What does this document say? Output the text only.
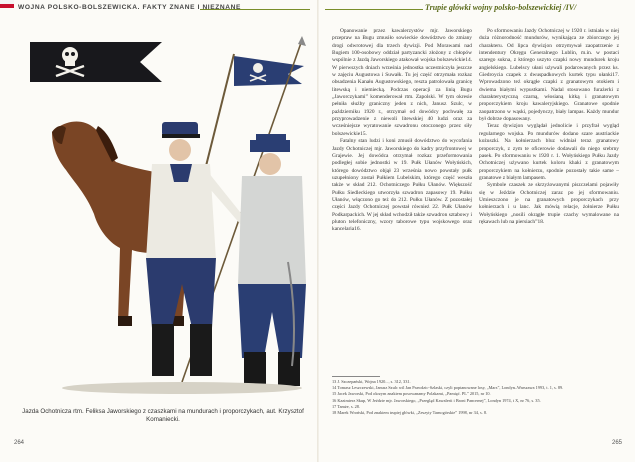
WOJNA POLSKO-BOLSZEWICKA. FAKTY ZNANE I NIEZNANE	Trupie główki wojny polsko-bolszewickiej /IV/
Jazda Ochotnicza rtm. Feliksa Jaworskiego z czaszkami na mundurach i proporczykach, aut. Krzysztof Komaniecki.
264	265

Opanowanie przez kawalerzystów mjr. Jaworskiego przepraw na Bugu zmusiło sowieckie dowództwo do zmiany drogi odwrotowej dla trzech dywizji. Pod Morawami nad Bugiem 100-osobowy oddział partyzancki złożony z chłopów wspólnie z Jazdą Jaworskiego atakował wojska bolszewickie14. W pierwszych dniach września jednostka uczestniczyła jeszcze w zajęciu Augustowa i Suwałk. Tu jej część otrzymała rozkaz obsadzenia Kanału Augustowskiego, reszta patrolowała granicę litewską i niemiecką. Podczas operacji za linią Bugu „Jaworczykami” komenderował rtm. Zapolski. W tym okresie pełniła służby graniczny jeden z nich, Janusz Szulc, w październiku 1920 r., otrzymał od dowódcy pochwałę za przyprowadzenie z niewoli litewskiej 40 ludzi oraz za wcześniejsze wyratowanie szwadronu otoczonego przez siły bolszewickie15.

Fatalny stan ludzi i koni zmusił dowództwo do wycofania Jazdy Ochotniczej mjr. Jaworskiego do kadry przyfrontowej w Grajewie. Jej dowódca otrzymał rozkaz przeformowania podległej sobie jednostki w 19. Pułk Ułanów Wołyńskich, którego dowództwo objął 23 września nowo powstały pułk uzupełniony został Pułkiem Lubelskim, którego część weszła także w skład 212. Ochotniczego Pułku Ułanów. Większość Pułku Siedleckiego utworzyła szwadron zapasowy 19. Pułku Ułanów, włączono go też do 212. Pułku Ułanów. Z pozostałej części Jazdy Ochotniczej powstał również 22. Pułk Ułanów Podkarpackich. W jej skład wchodził także szwadron sztabowy i pluton telefoniczny, wzory taborowe typu wojskowego oraz kancelaria16.

Po sformowaniu Jazdy Ochotniczej w 1920 r. istniała w niej duża różnorodność mundurów, wynikająca ze zbiorczego jej charakteru. Od lipca dywizjon otrzymywał zaopatrzenie z intendentury Okręgu Generalnego Lublin, m.in. w postaci szarego sukna, z którego uszyto czapki nowy mundurek kroju angielskiego. Lubelscy ułani używali podarowanych przez ks. Giedroycia czapek z dwuspadkowych kurtek typu ułanki17. Wprowadzono też okrągłe czapki z granatowym otokiem i dwiema białymi wypustkami. Nadal stosowano furażerki z charakterystyczną czarną, włosianą kitką i granatowym proporczykiem kroju kawaleryjskiego. Granatowe spodnie zaopatrzono w wąski, pojedynczy, biały lampas. Każdy mundur był dobrze dopasowany.

Teraz dywizjon wyglądał jednolicie i przyfrał wygląd regularnego wojska. Po mundurów dodano szare austriackie kożuszki. Na kołnierzach bluz widniał teraz granatowy proporczyk, z zym te oficerowie dodawali do niego srebrny pasek. Po sformowaniu w 1920 r. 1. Wołyńskiego Pułku Jazdy Ochotniczej używano kurtek koloru khaki z granatowym proporczykiem na kołnierzu, spodnie pozostały takie same – granatowe z białym lampasem.

Symbole czaszek ze skrzyżowanymi piszczelami pojawiły się w Jeździe Ochotniczej zaraz po jej sformowaniu. Umieszczono je na granatowych proporczykach przy kołnierzach i u lanc. Jak mówią relacje, żołnierze Pułku Wołyńskiego „nosili okrągłe trupie czachy wymalowane na rękawach lub na piersiach”18.

13 J. Szczepański, Wojna 1920..., s. 312, 331.

14 Tomasz Leszczewski, Janusz Szulc wil Jan Prawdzic-Szlaski, czyli poptanowane losy, „Mars”, Londyn–Warszawa 1993, t. 1, s. 89.

15 Jacek Jaworski, Pod okrzym znakiem posowanamy Polakami, „Pamięć. PL” 2015, nr 10.

16 Kazimierz Skup, W Jeździe mjr. Jaworskiego, „Przegląd Kawalerii i Broni Pancernej”, Londyn 1974, t X, nr 76, s. 35.

17 Tamże, s. 28.

18 Marek Wroński, Pod znakiem trupiej główki, „Zeszyty Tarnogórskie” 1998, nr 34, s. 8.
